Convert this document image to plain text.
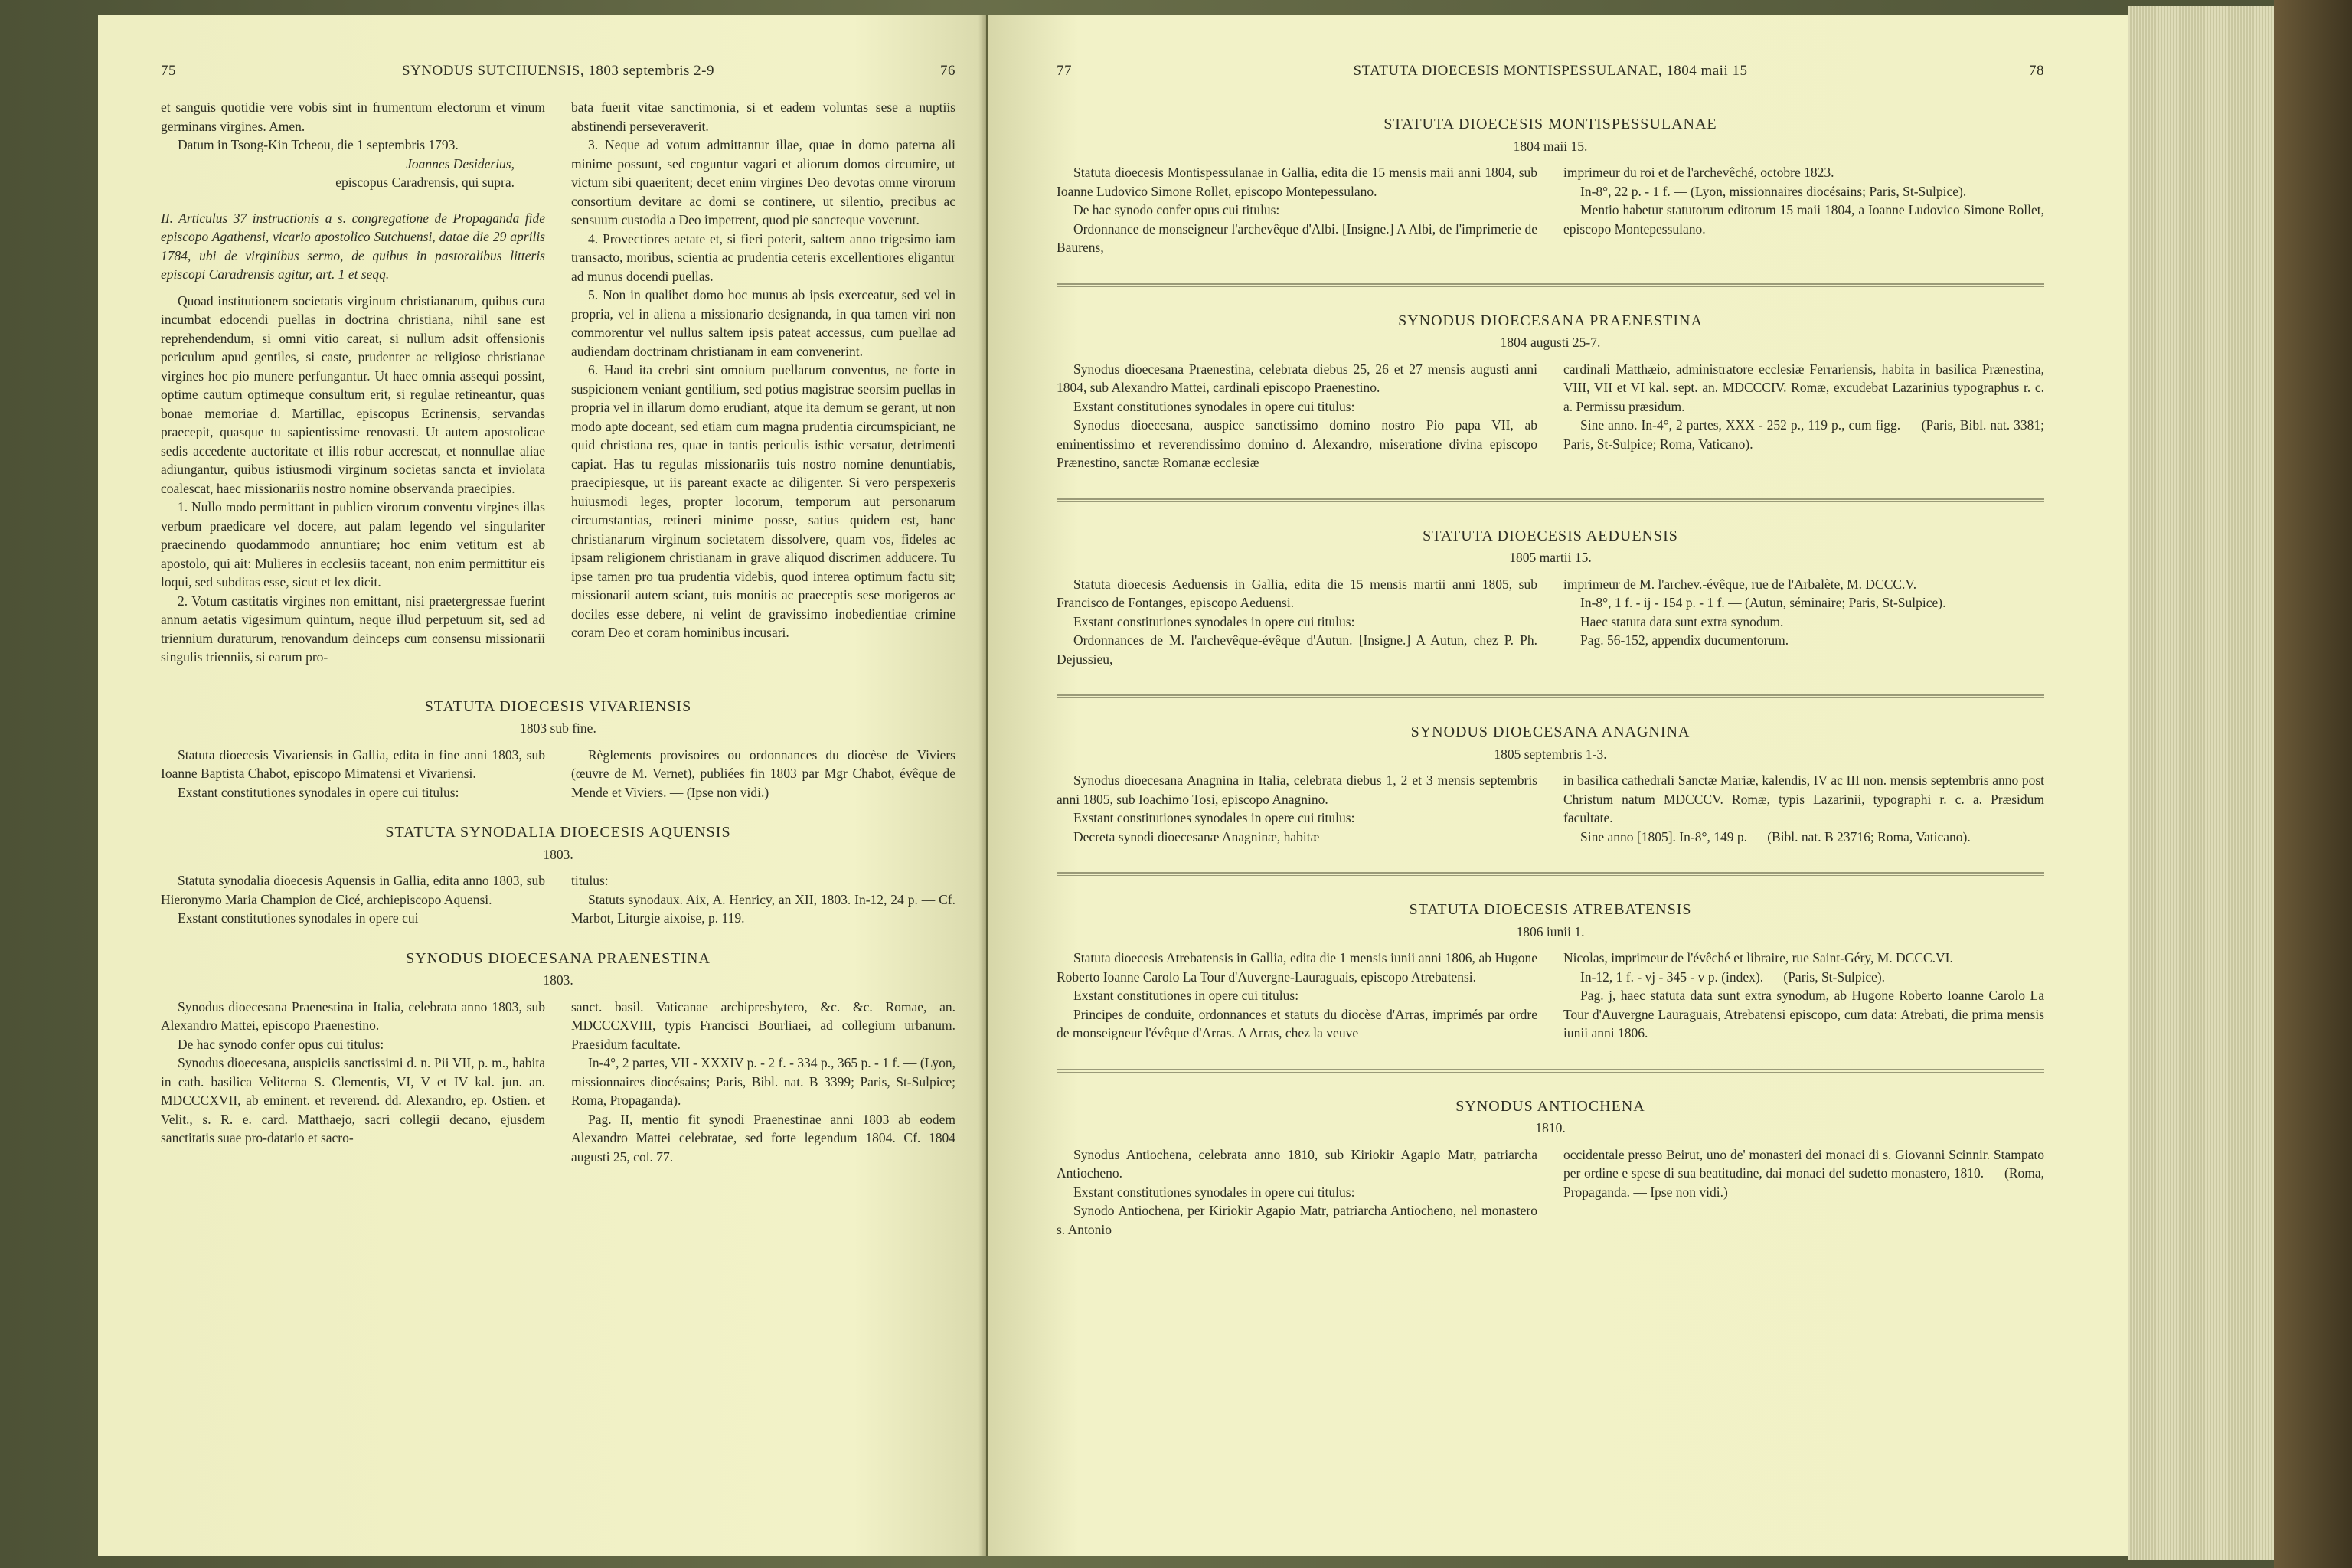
75	SYNODUS SUTCHUENSIS, 1803 septembris 2-9	76

et sanguis quotidie vere vobis sint in frumentum electorum et vinum germinans virgines. Amen.

Datum in Tsong-Kin Tcheou, die 1 septembris 1793.

Joannes Desiderius,

episcopus Caradrensis, qui supra.

II. Articulus 37 instructionis a s. congregatione de Propaganda fide episcopo Agathensi, vicario apostolico Sutchuensi, datae die 29 aprilis 1784, ubi de virginibus sermo, de quibus in pastoralibus litteris episcopi Caradrensis agitur, art. 1 et seqq.

Quoad institutionem societatis virginum christianarum, quibus cura incumbat edocendi puellas in doctrina christiana, nihil sane est reprehendendum, si omni vitio careat, si nullum adsit offensionis periculum apud gentiles, si caste, prudenter ac religiose christianae virgines hoc pio munere perfungantur. Ut haec omnia assequi possint, optime cautum optimeque consultum erit, si regulae retineantur, quas bonae memoriae d. Martillac, episcopus Ecrinensis, servandas praecepit, quasque tu sapientissime renovasti. Ut autem apostolicae sedis accedente auctoritate et illis robur accrescat, et nonnullae aliae adiungantur, quibus istiusmodi virginum societas sancta et inviolata coalescat, haec missionariis nostro nomine observanda praecipies.

1. Nullo modo permittant in publico virorum conventu virgines illas verbum praedicare vel docere, aut palam legendo vel singulariter praecinendo quodammodo annuntiare; hoc enim vetitum est ab apostolo, qui ait: Mulieres in ecclesiis taceant, non enim permittitur eis loqui, sed subditas esse, sicut et lex dicit.

2. Votum castitatis virgines non emittant, nisi praetergressae fuerint annum aetatis vigesimum quintum, neque illud perpetuum sit, sed ad triennium duraturum, renovandum deinceps cum consensu missionarii singulis trienniis, si earum pro-

bata fuerit vitae sanctimonia, si et eadem voluntas sese a nuptiis abstinendi perseveraverit.

3. Neque ad votum admittantur illae, quae in domo paterna ali minime possunt, sed coguntur vagari et aliorum domos circumire, ut victum sibi quaeritent; decet enim virgines Deo devotas omne virorum consortium devitare ac domi se continere, ut silentio, precibus ac sensuum custodia a Deo impetrent, quod pie sancteque voverunt.

4. Provectiores aetate et, si fieri poterit, saltem anno trigesimo iam transacto, moribus, scientia ac prudentia ceteris excellentiores eligantur ad munus docendi puellas.

5. Non in qualibet domo hoc munus ab ipsis exerceatur, sed vel in propria, vel in aliena a missionario designanda, in qua tamen viri non commorentur vel nullus saltem ipsis pateat accessus, cum puellae ad audiendam doctrinam christianam in eam convenerint.

6. Haud ita crebri sint omnium puellarum conventus, ne forte in suspicionem veniant gentilium, sed potius magistrae seorsim puellas in propria vel in illarum domo erudiant, atque ita demum se gerant, ut non modo apte doceant, sed etiam cum magna prudentia circumspiciant, ne quid christiana res, quae in tantis periculis isthic versatur, detrimenti capiat. Has tu regulas missionariis tuis nostro nomine denuntiabis, praecipiesque, ut iis pareant exacte ac diligenter. Si vero perspexeris huiusmodi leges, propter locorum, temporum aut personarum circumstantias, retineri minime posse, satius quidem est, hanc christianarum virginum societatem dissolvere, quam vos, fideles ac ipsam religionem christianam in grave aliquod discrimen adducere. Tu ipse tamen pro tua prudentia videbis, quod interea optimum factu sit; missionarii autem sciant, tuis monitis ac praeceptis sese morigeros ac dociles esse debere, ni velint de gravissimo inobedientiae crimine coram Deo et coram hominibus incusari.

STATUTA DIOECESIS VIVARIENSIS
1803 sub fine.

Statuta dioecesis Vivariensis in Gallia, edita in fine anni 1803, sub Ioanne Baptista Chabot, episcopo Mimatensi et Vivariensi.

Exstant constitutiones synodales in opere cui titulus:

Règlements provisoires ou ordonnances du diocèse de Viviers (œuvre de M. Vernet), publiées fin 1803 par Mgr Chabot, évêque de Mende et Viviers. — (Ipse non vidi.)

STATUTA SYNODALIA DIOECESIS AQUENSIS
1803.

Statuta synodalia dioecesis Aquensis in Gallia, edita anno 1803, sub Hieronymo Maria Champion de Cicé, archiepiscopo Aquensi.

Exstant constitutiones synodales in opere cui

titulus:

Statuts synodaux. Aix, A. Henricy, an XII, 1803. In-12, 24 p. — Cf. Marbot, Liturgie aixoise, p. 119.

SYNODUS DIOECESANA PRAENESTINA
1803.

Synodus dioecesana Praenestina in Italia, celebrata anno 1803, sub Alexandro Mattei, episcopo Praenestino.

De hac synodo confer opus cui titulus:

Synodus dioecesana, auspiciis sanctissimi d. n. Pii VII, p. m., habita in cath. basilica Veliterna S. Clementis, VI, V et IV kal. jun. an. MDCCCXVII, ab eminent. et reverend. dd. Alexandro, ep. Ostien. et Velit., s. R. e. card. Matthaejo, sacri collegii decano, ejusdem sanctitatis suae pro-datario et sacro-

sanct. basil. Vaticanae archipresbytero, &c. &c. Romae, an. MDCCCXVIII, typis Francisci Bourliaei, ad collegium urbanum. Praesidum facultate.

In-4°, 2 partes, VII - XXXIV p. - 2 f. - 334 p., 365 p. - 1 f. — (Lyon, missionnaires diocésains; Paris, Bibl. nat. B 3399; Paris, St-Sulpice; Roma, Propaganda).

Pag. II, mentio fit synodi Praenestinae anni 1803 ab eodem Alexandro Mattei celebratae, sed forte legendum 1804. Cf. 1804 augusti 25, col. 77.

77	STATUTA DIOECESIS MONTISPESSULANAE, 1804 maii 15	78
STATUTA DIOECESIS MONTISPESSULANAE
1804 maii 15.

Statuta dioecesis Montispessulanae in Gallia, edita die 15 mensis maii anni 1804, sub Ioanne Ludovico Simone Rollet, episcopo Montepessulano.

De hac synodo confer opus cui titulus:

Ordonnance de monseigneur l'archevêque d'Albi. [Insigne.] A Albi, de l'imprimerie de Baurens,

imprimeur du roi et de l'archevêché, octobre 1823.

In-8°, 22 p. - 1 f. — (Lyon, missionnaires diocésains; Paris, St-Sulpice).

Mentio habetur statutorum editorum 15 maii 1804, a Ioanne Ludovico Simone Rollet, episcopo Montepessulano.

SYNODUS DIOECESANA PRAENESTINA
1804 augusti 25-7.

Synodus dioecesana Praenestina, celebrata diebus 25, 26 et 27 mensis augusti anni 1804, sub Alexandro Mattei, cardinali episcopo Praenestino.

Exstant constitutiones synodales in opere cui titulus:

Synodus dioecesana, auspice sanctissimo domino nostro Pio papa VII, ab eminentissimo et reverendissimo domino d. Alexandro, miseratione divina episcopo Prænestino, sanctæ Romanæ ecclesiæ

cardinali Matthæio, administratore ecclesiæ Ferrariensis, habita in basilica Prænestina, VIII, VII et VI kal. sept. an. MDCCCIV. Romæ, excudebat Lazarinius typographus r. c. a. Permissu præsidum.

Sine anno. In-4°, 2 partes, XXX - 252 p., 119 p., cum figg. — (Paris, Bibl. nat. 3381; Paris, St-Sulpice; Roma, Vaticano).

STATUTA DIOECESIS AEDUENSIS
1805 martii 15.

Statuta dioecesis Aeduensis in Gallia, edita die 15 mensis martii anni 1805, sub Francisco de Fontanges, episcopo Aeduensi.

Exstant constitutiones synodales in opere cui titulus:

Ordonnances de M. l'archevêque-évêque d'Autun. [Insigne.] A Autun, chez P. Ph. Dejussieu,

imprimeur de M. l'archev.-évêque, rue de l'Arbalète, M. DCCC.V.

In-8°, 1 f. - ij - 154 p. - 1 f. — (Autun, séminaire; Paris, St-Sulpice).

Haec statuta data sunt extra synodum.

Pag. 56-152, appendix ducumentorum.

SYNODUS DIOECESANA ANAGNINA
1805 septembris 1-3.

Synodus dioecesana Anagnina in Italia, celebrata diebus 1, 2 et 3 mensis septembris anni 1805, sub Ioachimo Tosi, episcopo Anagnino.

Exstant constitutiones synodales in opere cui titulus:

Decreta synodi dioecesanæ Anagninæ, habitæ

in basilica cathedrali Sanctæ Mariæ, kalendis, IV ac III non. mensis septembris anno post Christum natum MDCCCV. Romæ, typis Lazarinii, typographi r. c. a. Præsidum facultate.

Sine anno [1805]. In-8°, 149 p. — (Bibl. nat. B 23716; Roma, Vaticano).

STATUTA DIOECESIS ATREBATENSIS
1806 iunii 1.

Statuta dioecesis Atrebatensis in Gallia, edita die 1 mensis iunii anni 1806, ab Hugone Roberto Ioanne Carolo La Tour d'Auvergne-Lauraguais, episcopo Atrebatensi.

Exstant constitutiones in opere cui titulus:

Principes de conduite, ordonnances et statuts du diocèse d'Arras, imprimés par ordre de monseigneur l'évêque d'Arras. A Arras, chez la veuve

Nicolas, imprimeur de l'évêché et libraire, rue Saint-Géry, M. DCCC.VI.

In-12, 1 f. - vj - 345 - v p. (index). — (Paris, St-Sulpice).

Pag. j, haec statuta data sunt extra synodum, ab Hugone Roberto Ioanne Carolo La Tour d'Auvergne Lauraguais, Atrebatensi episcopo, cum data: Atrebati, die prima mensis iunii anni 1806.

SYNODUS ANTIOCHENA
1810.

Synodus Antiochena, celebrata anno 1810, sub Kiriokir Agapio Matr, patriarcha Antiocheno.

Exstant constitutiones synodales in opere cui titulus:

Synodo Antiochena, per Kiriokir Agapio Matr, patriarcha Antiocheno, nel monastero s. Antonio

occidentale presso Beirut, uno de' monasteri dei monaci di s. Giovanni Scinnir. Stampato per ordine e spese di sua beatitudine, dai monaci del sudetto monastero, 1810. — (Roma, Propaganda. — Ipse non vidi.)
